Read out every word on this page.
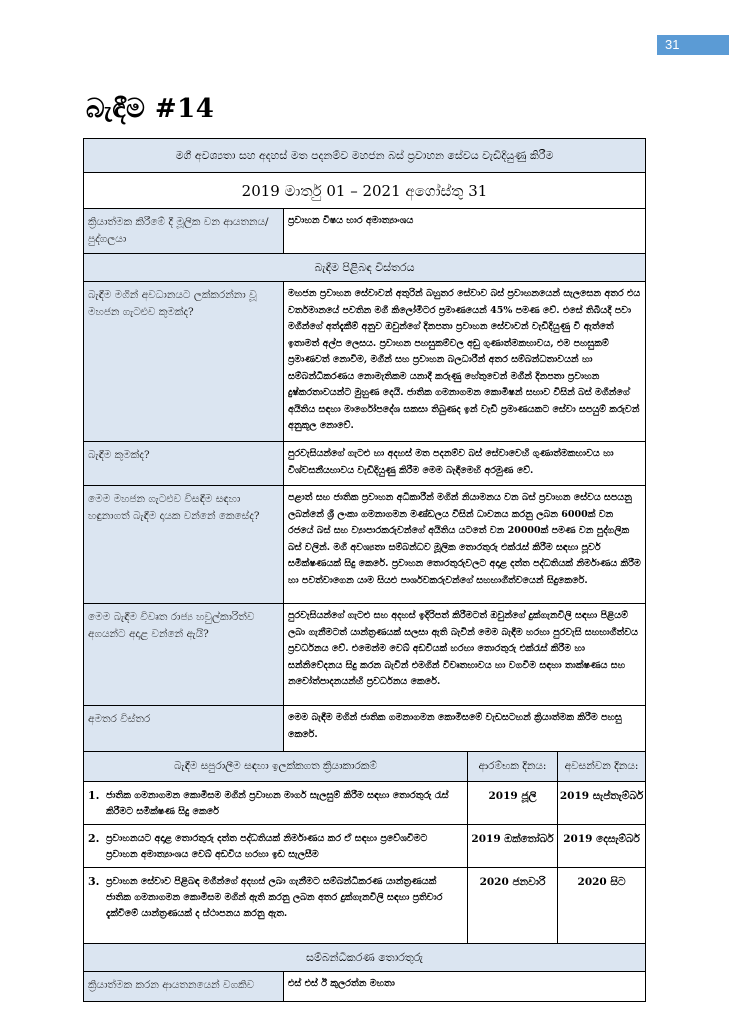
31
බැඳීම #14
මගී අවශ්‍යතා සහ අදහස් මත පදනම්ව මහජන බස් ප්‍රවාහන සේවය වැඩිදියුණු කිරීම			
2019 මාර්තු 01 – 2021 අගෝස්තු 31			
ක්‍රියාත්මක කිරීමේ දී මූලික වන ආයතනය/ පුද්ගලයා	ප්‍රවාහන විෂය භාර අමාත්‍යාංශය		
බැඳීම පිළිබඳ විස්තරය			
බැඳීම මගින් අවධානයට ලක්කරන්නා වූ මහජන ගැටළුව කුමක්ද?	මහජන ප්‍රවාහන සේවාවන් අතුරින් බහුතර සේවාව බස් ප්‍රවාහනයෙන් සැලසෙන අතර එය වර්තමානයේ පවතින මගී කිලෝමීටර ප්‍රමාණයෙන් 45% පමණ වේ. එසේ තිබියදී පවා මගීන්ගේ අත්දැකීම් අනුව ඔවුන්ගේ දිනපතා ප්‍රවාහන සේවාවන් වැඩිදියුණු වී ඇත්තේ ඉතාමත් අල්ප ලෙසය. ප්‍රවාහන පහසුකම්වල අඩු ගුණාත්මකභාවය, එම පහසුකම් ප්‍රමාණවත් නොවීම, මගීන් සහ ප්‍රවාහන බලධාරීන් අතර සම්බන්ධතාවයන් හා සම්බන්ධීකරණය නොමැතිකම යනාදී කරුණු හේතුවෙන් මගීන් දිනපතා ප්‍රවාහන දුෂ්කරතාවයන්ට මුහුණ දෙයි. ජාතික ගමනාගමන කොමිෂන් සභාව විසින් බස් මගීන්ගේ අයිතිය සඳහා මාර්ගෝපදේශ සකසා තිබුණද ඉන් වැඩි ප්‍රමාණයකට සේවා සපයුම් කරුවන් අනුකූල නොවේ.		
බැඳීම කුමක්ද?	පුරවැසියන්ගේ ගැටළු හා අදහස් මත පදනම්ව බස් සේවාවෙහි ගුණාත්මකභාවය හා විශ්වසනීයභාවය වැඩිදියුණු කිරීම මෙම බැඳීමෙහි අරමුණ වේ.		
මෙම මහජන ගැටළුව විසඳීම සඳහා හඳුනාගත් බැඳීම දායක වන්නේ කෙසේද?	පළාත් සහ ජාතික ප්‍රවාහන අධිකාරීන් මගින් නියාමනය වන බස් ප්‍රවාහන සේවය සපයනු ලබන්නේ ශ්‍රී ලංකා ගමනාගමන මණ්ඩලය විසින් ධාවනය කරනු ලබන 6000ක් වන රජයේ බස් සහ ව්‍යාපාරකරුවන්ගේ අයිතිය යටතේ වන 20000ක් පමණ වන පුද්ගලික බස් වලින්. මගී අවශ්‍යතා සම්බන්ධව මූලික තොරතුරු එක්රැස් කිරීම සඳහා පූර්ව සමීක්ෂණයක් සිදු කෙරේ. ප්‍රවාහන තොරතුරුවලට අදාළ දත්ත පද්ධතියක් නිර්මාණය කිරීම හා පවත්වාගෙන යාම සියළු පාර්ශවකරුවන්ගේ සහභාගීත්වයෙන් සිදුකෙරේ.		
මෙම බැඳීම විවෘත රාජ්‍ය හවුල්කාරිත්ව අගයන්ට අදාළ වන්නේ ඇයි?	පුරවැසියන්ගේ ගැටළු සහ අදහස් ඉදිරිපත් කිරීමටත් ඔවුන්ගේ දුක්ගැනවිලි සඳහා පිළියම් ලබා ගැනීමටත් යාන්ත්‍රණයක් සලසා ඇති බැවින් මෙම බැඳීම හරහා පුරවැසි සහභාගීත්වය ප්‍රවර්ධනය වේ. එමෙන්ම වෙබ් අඩවියක් හරහා තොරතුරු එක්රැස් කිරීම හා සන්නිවේදනය සිදු කරන බැවින් එමගින් විවෘතභාවය හා වගවීම සඳහා තාක්ෂණය සහ නවෝත්පාදනයන්හි ප්‍රවර්ධනය කෙරේ.		
අමතර විස්තර	මෙම බැඳීම මගින් ජාතික ගමනාගමන කොමිසමේ වැඩසටහන් ක්‍රියාත්මක කිරීම පහසු කෙරේ.		
බැඳීම සපුරාලීම සඳහා ඉලක්කගත ක්‍රියාකාරකම්		ආරම්භක දිනය:	අවසන්වන දිනය:
1. ජාතික ගමනාගමන කොමිසම මගින් ප්‍රවාහන මාර්ග සැලසුම් කිරීම සඳහා තොරතුරු රැස් කිරීමට සමීක්ෂණ සිදු කෙරේ		2019 ජූලි	2019 සැප්තැම්බර්
2. ප්‍රවාහනයට අදාළ තොරතුරු දත්ත පද්ධතියක් නිර්මාණය කර ඒ සඳහා ප්‍රවේශවීමට ප්‍රවාහන අමාත්‍යාංශය වෙබ් අඩවිය හරහා ඉඩ සැලසීම		2019 ඔක්තෝබර්	2019 දෙසැම්බර්
3. ප්‍රවාහන සේවාව පිළිබඳ මගීන්ගේ අදහස් ලබා ගැනීමට සම්බන්ධීකරණ යාන්ත්‍රණයක් ජාතික ගමනාගමන කොමිසම මගින් ඇති කරනු ලබන අතර දුක්ගැනවිලි සඳහා ප්‍රතිචාර දැක්වීමේ යාන්ත්‍රණයක් ද ස්ථාපනය කරනු ඇත.		2020 ජනවාරි	2020 සිට
සම්බන්ධීකරණ තොරතුරු			
ක්‍රියාත්මක කරන ආයතනයෙන් වගකිව	එස් එස් ඊ කුලරත්න මහතා		
